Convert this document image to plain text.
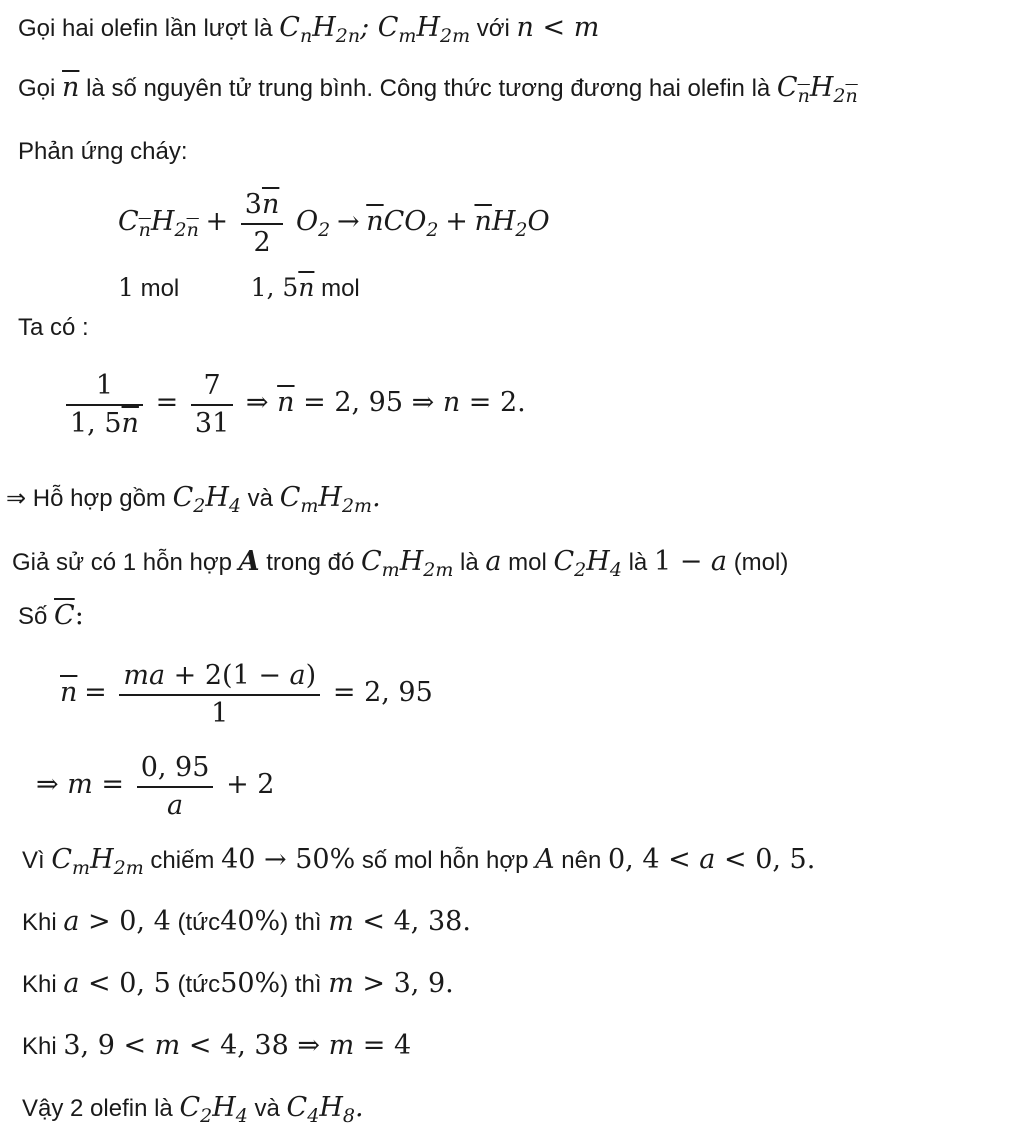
Gọi hai olefin lần lượt là $C_nH_{2n}$; $C_mH_{2m}$ với n < m
Gọi $\overline{n}$ là số nguyên tử trung bình. Công thức tương đương hai olefin là $C_{\overline{n}}H_{2\overline{n}}$
Phản ứng cháy:
$C_{\overline{n}}H_{2\overline{n}} + \frac{3\overline{n}}{2} O_2 \to \overline{n}CO_2 + \overline{n}H_2O$
1 mol	1, $5\overline{n}$ mol
Ta có :
$\frac{1}{1, 5\overline{n}} = \frac{7}{31}$ ⇒ $\overline{n} = 2$, 95 ⇒ n = 2.
⇒ Hỗ hợp gồm $C_2H_4$ và $C_mH_{2m}$.
Giả sử có 1 hỗn hợp A trong đó $C_mH_{2m}$ là a mol $C_2H_4$ là 1 − a (mol)
Số $\overline{C}$:
$\overline{n} = \frac{ma + 2(1 - a)}{1} = 2$, 95
⇒ $m = \frac{0, 95}{a} + 2$
Vì $C_mH_{2m}$ chiếm 40 → 50% số mol hỗn hợp A nên 0, 4 < a < 0, 5.
Khi a > 0, 4 (tức40%) thì m < 4, 38.
Khi a < 0, 5 (tức50%) thì m > 3, 9.
Khi 3, 9 < m < 4, 38 ⇒ m = 4
Vậy 2 olefin là $C_2H_4$ và $C_4H_8$.
